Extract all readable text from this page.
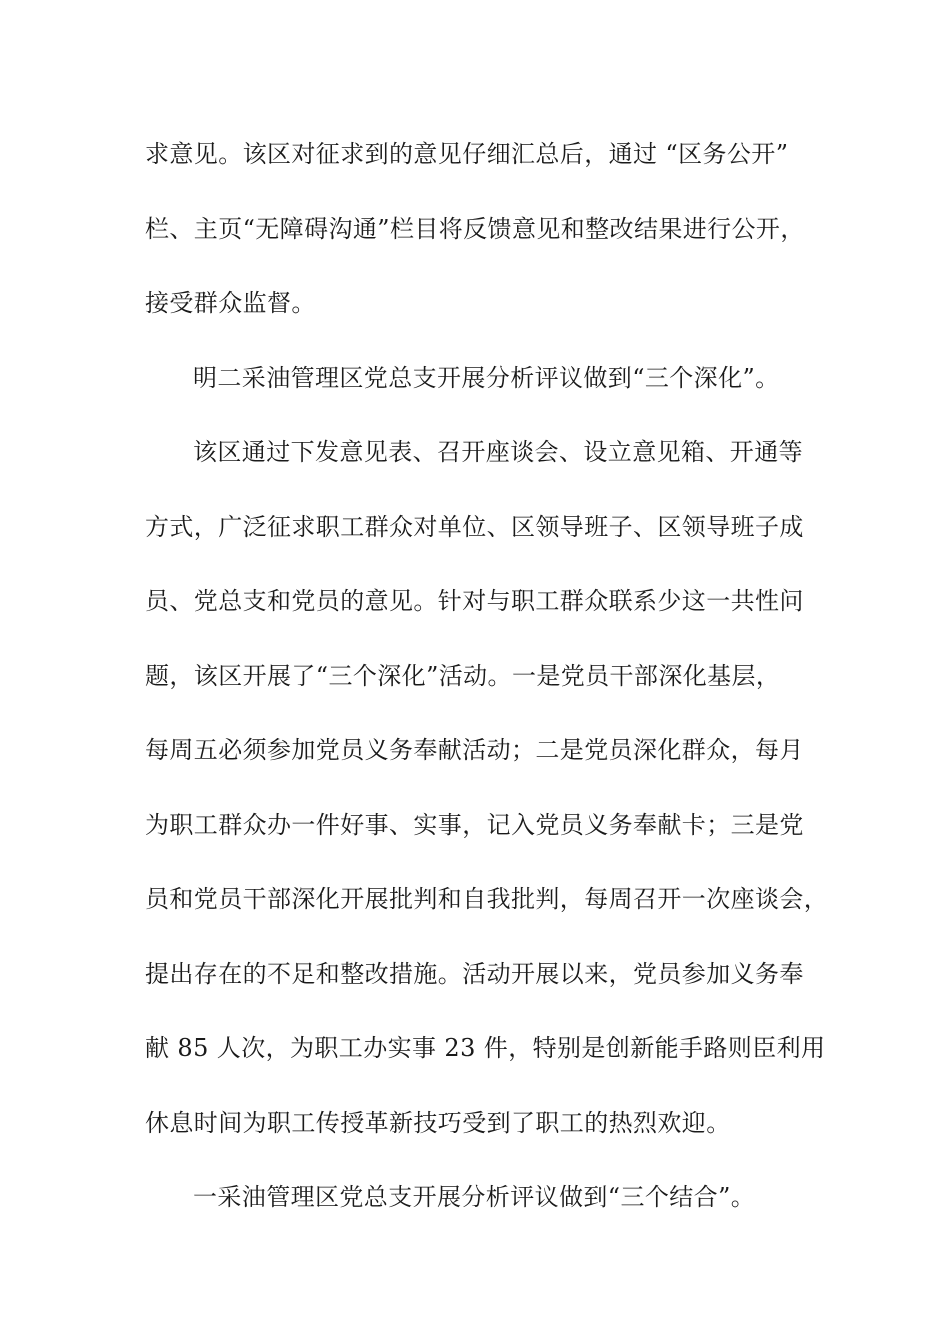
求意见。该区对征求到的意见仔细汇总后，通过 “区务公开”
栏、主页“无障碍沟通”栏目将反馈意见和整改结果进行公开，
接受群众监督。
明二采油管理区党总支开展分析评议做到“三个深化”。
该区通过下发意见表、召开座谈会、设立意见箱、开通等
方式，广泛征求职工群众对单位、区领导班子、区领导班子成
员、党总支和党员的意见。针对与职工群众联系少这一共性问
题，该区开展了“三个深化”活动。一是党员干部深化基层，
每周五必须参加党员义务奉献活动；二是党员深化群众，每月
为职工群众办一件好事、实事，记入党员义务奉献卡；三是党
员和党员干部深化开展批判和自我批判，每周召开一次座谈会，
提出存在的不足和整改措施。活动开展以来，党员参加义务奉
献 85 人次，为职工办实事 23 件，特别是创新能手路则臣利用
休息时间为职工传授革新技巧受到了职工的热烈欢迎。
一采油管理区党总支开展分析评议做到“三个结合”。
